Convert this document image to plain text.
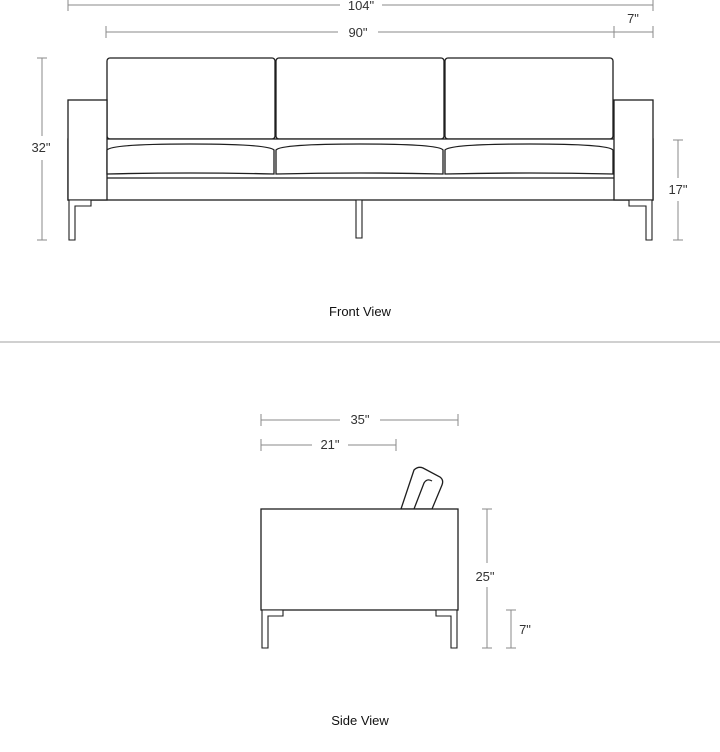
104"
7"
90"
32"
17"
Front View
35"
21"
25"
7"
Side View
